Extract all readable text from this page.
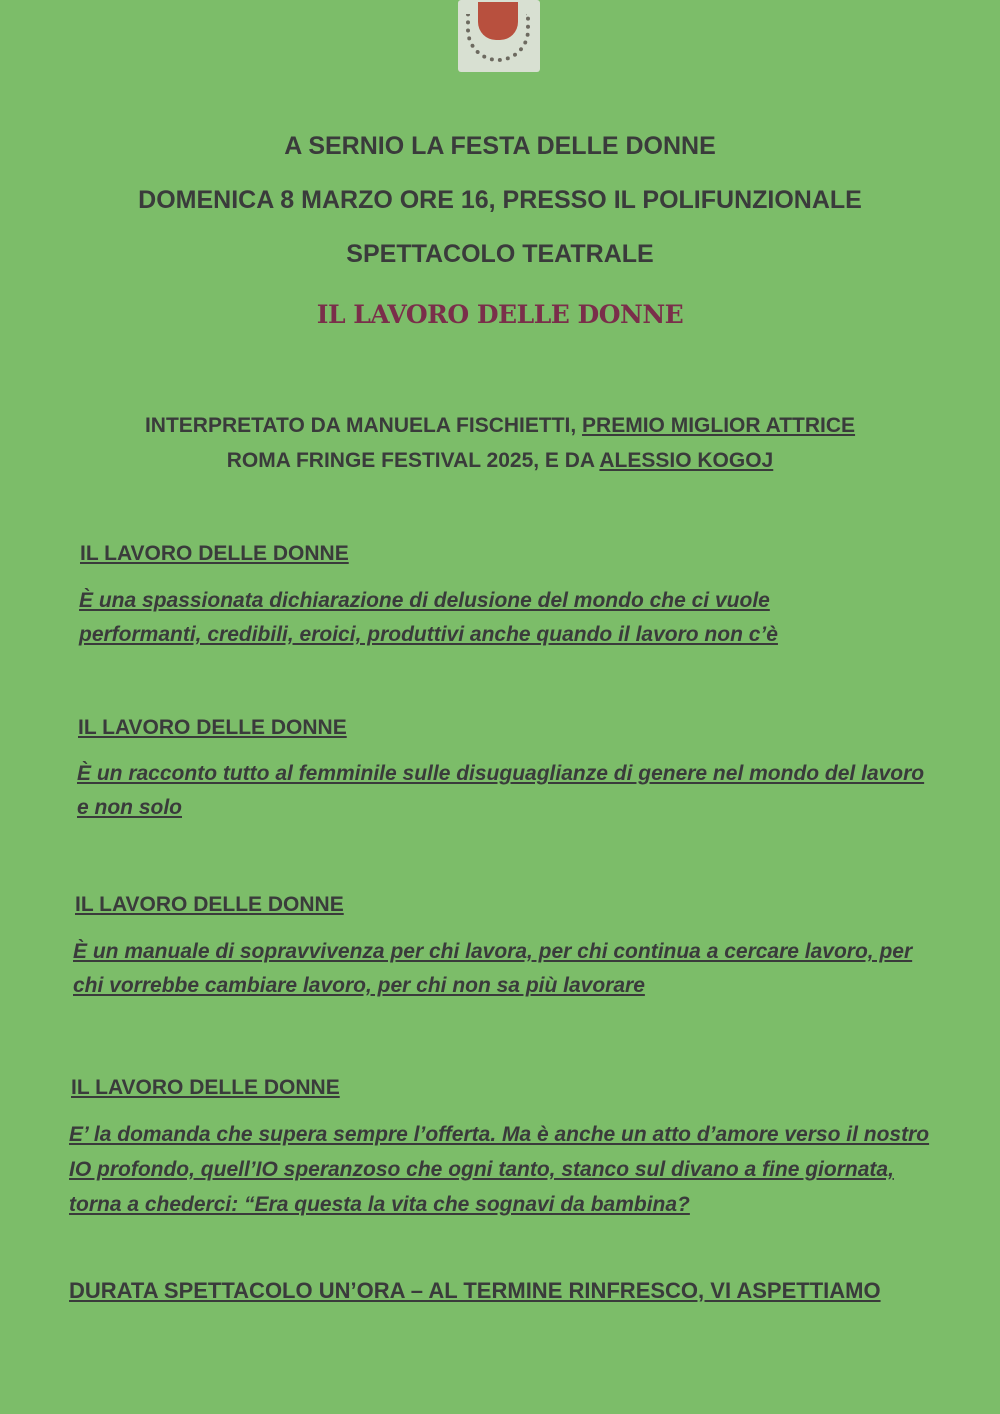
A SERNIO LA FESTA DELLE DONNE
DOMENICA 8 MARZO ORE 16, PRESSO IL POLIFUNZIONALE
SPETTACOLO TEATRALE
IL LAVORO DELLE DONNE
INTERPRETATO DA MANUELA FISCHIETTI, PREMIO MIGLIOR ATTRICE
ROMA FRINGE FESTIVAL 2025, E DA ALESSIO KOGOJ
IL LAVORO DELLE DONNE
È una spassionata dichiarazione di delusione del mondo che ci vuole performanti, credibili, eroici, produttivi anche quando il lavoro non c’è
IL LAVORO DELLE DONNE
È un racconto tutto al femminile sulle disuguaglianze di genere nel mondo del lavoro e non solo
IL LAVORO DELLE DONNE
È un manuale di sopravvivenza per chi lavora, per chi continua a cercare lavoro, per chi vorrebbe cambiare lavoro, per chi non sa più lavorare
IL LAVORO DELLE DONNE
E’ la domanda che supera sempre l’offerta. Ma è anche un atto d’amore verso il nostro IO profondo, quell’IO speranzoso che ogni tanto, stanco sul divano a fine giornata, torna a chederci: “Era questa la vita che sognavi da bambina?
DURATA SPETTACOLO UN’ORA – AL TERMINE RINFRESCO, VI ASPETTIAMO
